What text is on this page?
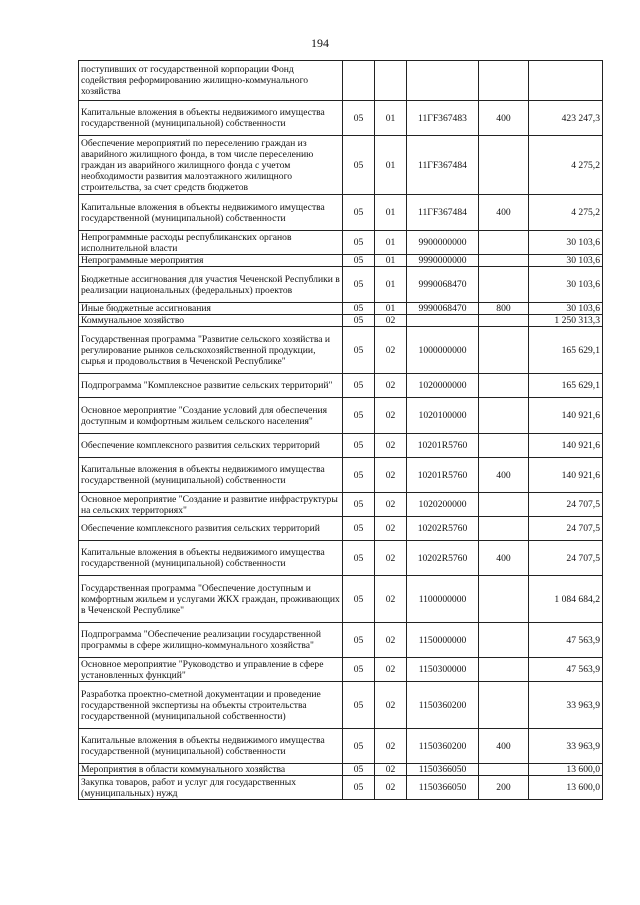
194
поступивших от государственной корпорации Фонд содействия реформированию жилищно-коммунального хозяйства					
Капитальные вложения в объекты недвижимого имущества государственной (муниципальной) собственности	05	01	11ГF367483	400	423 247,3
Обеспечение мероприятий по переселению граждан из аварийного жилищного фонда, в том числе переселению граждан из аварийного жилищного фонда с учетом необходимости развития малоэтажного жилищного строительства, за счет средств бюджетов	05	01	11ГF367484		4 275,2
Капитальные вложения в объекты недвижимого имущества государственной (муниципальной) собственности	05	01	11ГF367484	400	4 275,2
Непрограммные расходы республиканских органов исполнительной власти	05	01	9900000000		30 103,6
Непрограммные мероприятия	05	01	9990000000		30 103,6
Бюджетные ассигнования для участия Чеченской Республики в реализации национальных (федеральных) проектов	05	01	9990068470		30 103,6
Иные бюджетные ассигнования	05	01	9990068470	800	30 103,6
Коммунальное хозяйство	05	02			1 250 313,3
Государственная программа "Развитие сельского хозяйства и регулирование рынков сельскохозяйственной продукции, сырья и продовольствия в Чеченской Республике"	05	02	1000000000		165 629,1
Подпрограмма "Комплексное развитие сельских территорий"	05	02	1020000000		165 629,1
Основное мероприятие "Создание условий для обеспечения доступным и комфортным жильем сельского населения"	05	02	1020100000		140 921,6
Обеспечение комплексного развития сельских территорий	05	02	10201R5760		140 921,6
Капитальные вложения в объекты недвижимого имущества государственной (муниципальной) собственности	05	02	10201R5760	400	140 921,6
Основное мероприятие "Создание и развитие инфраструктуры на сельских территориях"	05	02	1020200000		24 707,5
Обеспечение комплексного развития сельских территорий	05	02	10202R5760		24 707,5
Капитальные вложения в объекты недвижимого имущества государственной (муниципальной) собственности	05	02	10202R5760	400	24 707,5
Государственная программа "Обеспечение доступным и комфортным жильем и услугами ЖКХ граждан, проживающих в Чеченской Республике"	05	02	1100000000		1 084 684,2
Подпрограмма "Обеспечение реализации государственной программы в сфере жилищно-коммунального хозяйства"	05	02	1150000000		47 563,9
Основное мероприятие "Руководство и управление в сфере установленных функций"	05	02	1150300000		47 563,9
Разработка проектно-сметной документации и проведение государственной экспертизы на объекты строительства государственной (муниципальной собственности)	05	02	1150360200		33 963,9
Капитальные вложения в объекты недвижимого имущества государственной (муниципальной) собственности	05	02	1150360200	400	33 963,9
Мероприятия в области коммунального хозяйства	05	02	1150366050		13 600,0
Закупка товаров, работ и услуг для государственных (муниципальных) нужд	05	02	1150366050	200	13 600,0
